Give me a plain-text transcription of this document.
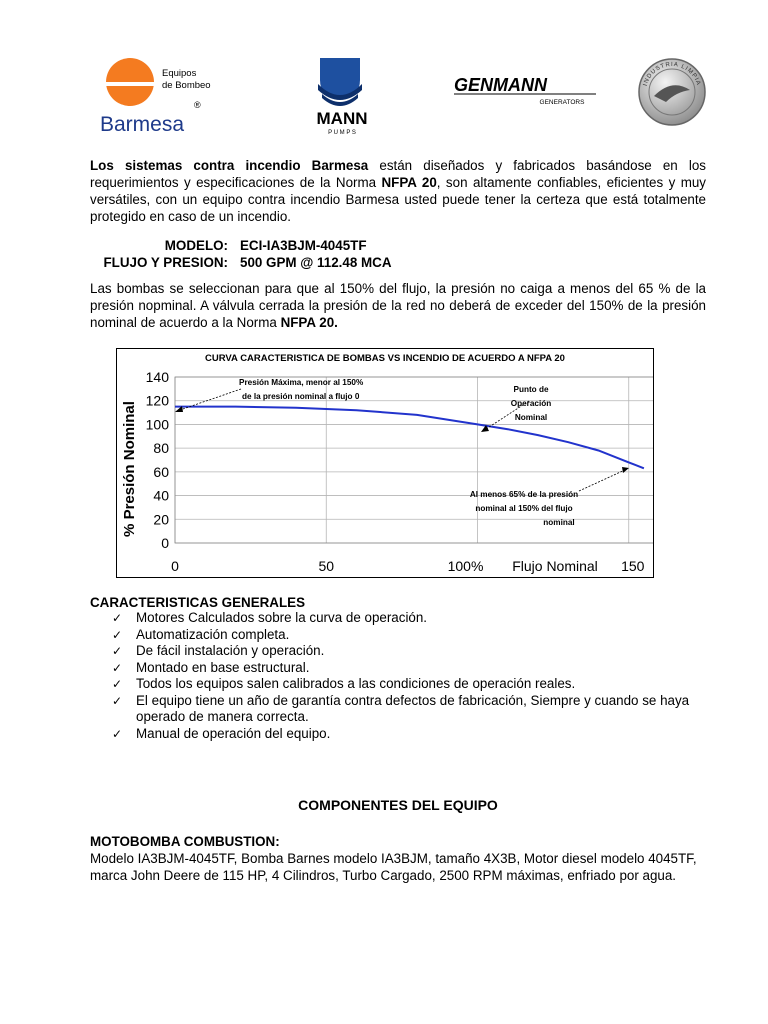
Equipos
de Bombeo
®
Barmesa	MANN
P U M P S
GENMANN
GENERATORS
INDUSTRIA LIMPIA
Los sistemas contra incendio Barmesa están diseñados y fabricados basándose en los requerimientos y especificaciones de la Norma NFPA 20, son altamente confiables, eficientes y muy versátiles, con un equipo contra incendio Barmesa usted puede tener la certeza que está totalmente protegido en caso de un incendio.
MODELO: ECI-IA3BJM-4045TF
FLUJO Y PRESION: 500 GPM @ 112.48 MCA
Las bombas se seleccionan para que al 150% del flujo, la presión no caiga a menos del 65 % de la presión nopminal. A válvula cerrada la presión de la red no deberá de exceder del 150% de la presión nominal de acuerdo a la Norma NFPA 20.
CURVA CARACTERISTICA DE BOMBAS VS INCENDIO DE ACUERDO A NFPA 20
0
20
40
60
80
100
120
140
0	50	100%	150
% Presión Nominal
Flujo Nominal
Presión Máxima, menor al 150%
de la presión nominal a flujo 0
Punto de
Operación
Nominal
Al menos 65% de la presión
nominal al 150% del flujo
nominal
CARACTERISTICAS GENERALES
✓ Motores Calculados sobre la curva de operación.
✓ Automatización completa.
✓ De fácil instalación y operación.
✓ Montado en base estructural.
✓ Todos los equipos salen calibrados a las condiciones de operación reales.
✓ El equipo tiene un año de garantía contra defectos de fabricación, Siempre y cuando se haya operado de manera correcta.
✓ Manual de operación del equipo.
COMPONENTES DEL EQUIPO
MOTOBOMBA COMBUSTION:
Modelo IA3BJM-4045TF, Bomba Barnes modelo IA3BJM, tamaño 4X3B, Motor diesel modelo 4045TF, marca John Deere de 115 HP, 4 Cilindros, Turbo Cargado, 2500 RPM máximas, enfriado por agua.
